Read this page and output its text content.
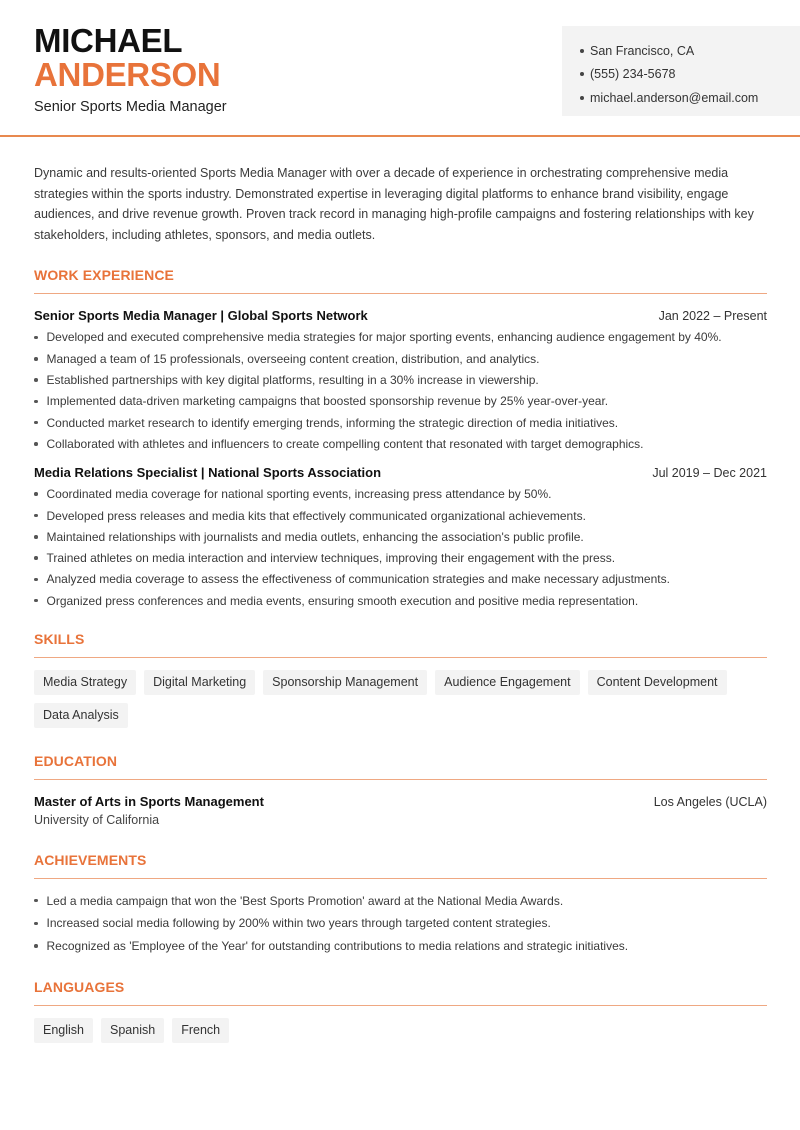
MICHAEL
ANDERSON
Senior Sports Media Manager
San Francisco, CA
(555) 234-5678
michael.anderson@email.com

Dynamic and results-oriented Sports Media Manager with over a decade of experience in orchestrating comprehensive media strategies within the sports industry. Demonstrated expertise in leveraging digital platforms to enhance brand visibility, engage audiences, and drive revenue growth. Proven track record in managing high-profile campaigns and fostering relationships with key stakeholders, including athletes, sponsors, and media outlets.

WORK EXPERIENCE
Senior Sports Media Manager | Global Sports Network	Jan 2022 – Present
Developed and executed comprehensive media strategies for major sporting events, enhancing audience engagement by 40%.
Managed a team of 15 professionals, overseeing content creation, distribution, and analytics.
Established partnerships with key digital platforms, resulting in a 30% increase in viewership.
Implemented data-driven marketing campaigns that boosted sponsorship revenue by 25% year-over-year.
Conducted market research to identify emerging trends, informing the strategic direction of media initiatives.
Collaborated with athletes and influencers to create compelling content that resonated with target demographics.
Media Relations Specialist | National Sports Association	Jul 2019 – Dec 2021
Coordinated media coverage for national sporting events, increasing press attendance by 50%.
Developed press releases and media kits that effectively communicated organizational achievements.
Maintained relationships with journalists and media outlets, enhancing the association's public profile.
Trained athletes on media interaction and interview techniques, improving their engagement with the press.
Analyzed media coverage to assess the effectiveness of communication strategies and make necessary adjustments.
Organized press conferences and media events, ensuring smooth execution and positive media representation.
SKILLS
Media Strategy	Digital Marketing	Sponsorship Management	Audience Engagement	Content Development
Data Analysis
EDUCATION
Master of Arts in Sports Management	Los Angeles (UCLA)
University of California
ACHIEVEMENTS
Led a media campaign that won the 'Best Sports Promotion' award at the National Media Awards.
Increased social media following by 200% within two years through targeted content strategies.
Recognized as 'Employee of the Year' for outstanding contributions to media relations and strategic initiatives.
LANGUAGES
English	Spanish	French
